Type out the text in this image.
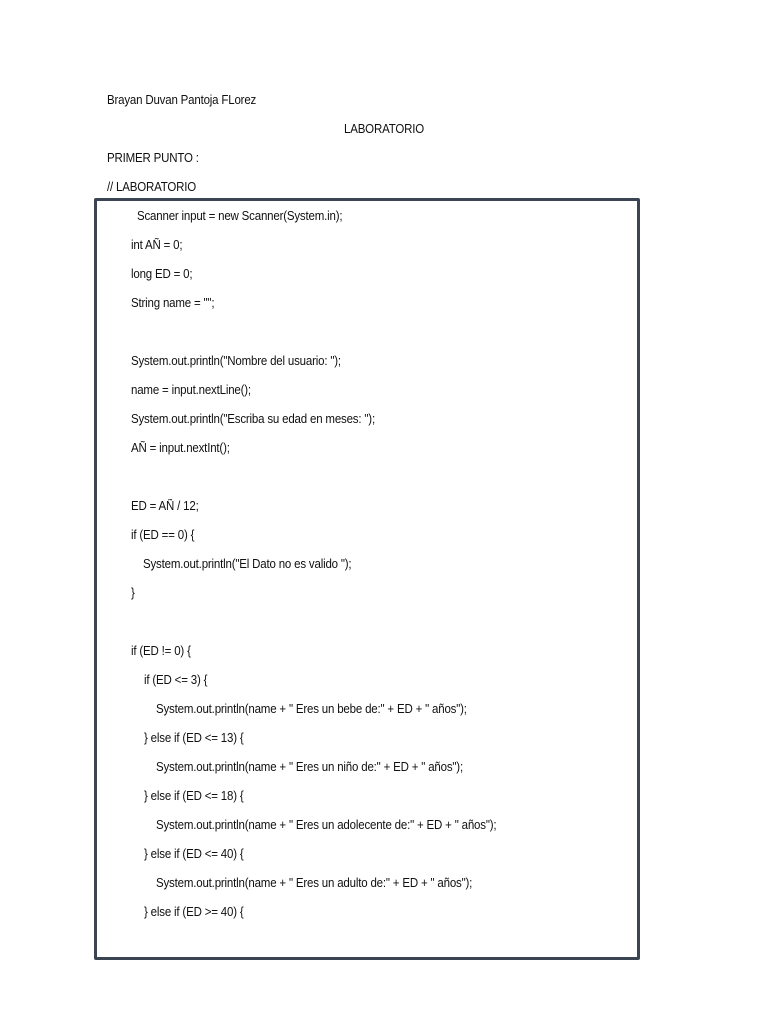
Brayan Duvan Pantoja FLorez
LABORATORIO
PRIMER PUNTO :
// LABORATORIO
Scanner input = new Scanner(System.in);
int AÑ = 0;
long ED = 0;
String name = "";
System.out.println("Nombre del usuario: ");
name = input.nextLine();
System.out.println("Escriba su edad en meses: ");
AÑ = input.nextInt();
ED = AÑ / 12;
if (ED == 0) {
System.out.println("El Dato no es valido ");
}
if (ED != 0) {
if (ED <= 3) {
System.out.println(name + " Eres un bebe de:" + ED + " años");
} else if (ED <= 13) {
System.out.println(name + " Eres un niño de:" + ED + " años");
} else if (ED <= 18) {
System.out.println(name + " Eres un adolecente de:" + ED + " años");
} else if (ED <= 40) {
System.out.println(name + " Eres un adulto de:" + ED + " años");
} else if (ED >= 40) {
